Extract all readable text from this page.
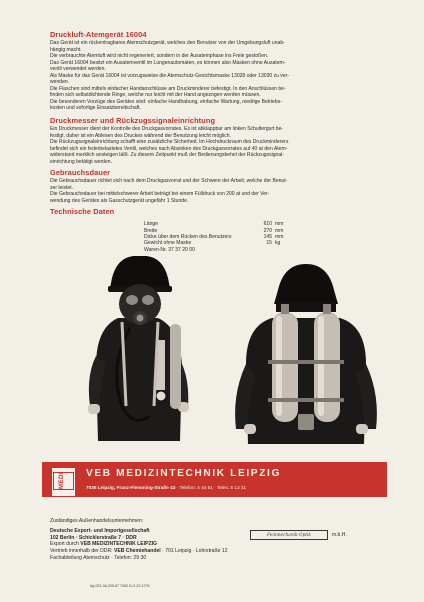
Druckluft-Atemgerät 16004

Das Gerät ist ein rückentragbares Atemschutzgerät, welches den Benutzer von der Umgebungsluft unab-
hängig macht.
Die verbrauchte Atemluft wird nicht regeneriert, sondern in der Ausatemphase ins Freie gestoßen.
Das Gerät 16004 besitzt ein Ausatemventil im Lungenautomaten, es können also Masken ohne Ausatem-
ventil verwendet werden.
Als Maske für das Gerät 16004 ist vorzugsweise die Atemschutz-Gesichtsmaske 13028 oder 13030 zu ver-
wenden.
Die Flaschen sind mittels einfacher Handanschlüsse am Druckminderer befestigt. In den Anschlüssen be-
finden sich selbstdichtende Ringe, welche nur leicht mit der Hand angezogen werden müssen.
Die besonderen Vorzüge des Gerätes sind: einfache Handhabung, einfache Wartung, niedrige Betriebs-
kosten und sofortige Einsatzbereitschaft.

Druckmesser und Rückzugssignaleinrichtung

Ein Druckmesser dient der Kontrolle des Druckgasvorrates. Es ist abklappbar am linken Schultergurt be-
festigt, daher ist ein Ablesen des Druckes während der Benutzung leicht möglich.
Die Rückzugssignaleinrichtung schafft eine zusätzliche Sicherheit. Im Hochdruckraum des Druckminderers
befindet sich ein federbelastetes Ventil, welches nach Absinken des Druckgasvorrates auf 40 at den Atem-
widerstand merklich ansteigen läßt. Zu diesem Zeitpunkt muß der Bedienungsbehel der Rückzugssignal-
einrichtung betätigt werden.

Gebrauchsdauer

Die Gebrauchsdauer richtet sich nach dem Druckgasvorrat und der Schwere der Arbeit, welche der Benut-
zer leistet.
Die Gebrauchsdauer bei mittelschwerer Arbeit beträgt bei einem Fülldruck von 200 at und der Ver-
wendung des Gerätes als Gasschutzgerät ungefähr 1 Stunde.

Technische Daten
Länge	610	mm
Breite	270	mm
Dicke über dem Rücken des Benutzers	145	mm
Gewicht ohne Maske	15	kg
Waren-Nr. 37 37 20 00		
MEDI	VEB MEDIZINTECHNIK LEIPZIG
7035 Leipzig, Franz-Flemming-Straße 43 · Telefon: 4 44 51 · Telex: 5 13 31
Zuständiges Außenhandelsunternehmen:
Deutsche Export- und Importgesellschaft
102 Berlin · Schicklerstraße 7 · DDR
Export durch VEB MEDIZINTECHNIK LEIPZIG
Vertrieb innerhalb der DDR: VEB Chemiehandel · 701 Leipzig · Lohrstraße 12
Fachabteilung Atemschutz · Telefon: 29 30
Feinmechanik-Optik	m.b.H.
Ag 023-36-205-67 7060 IV-2-23 1276
